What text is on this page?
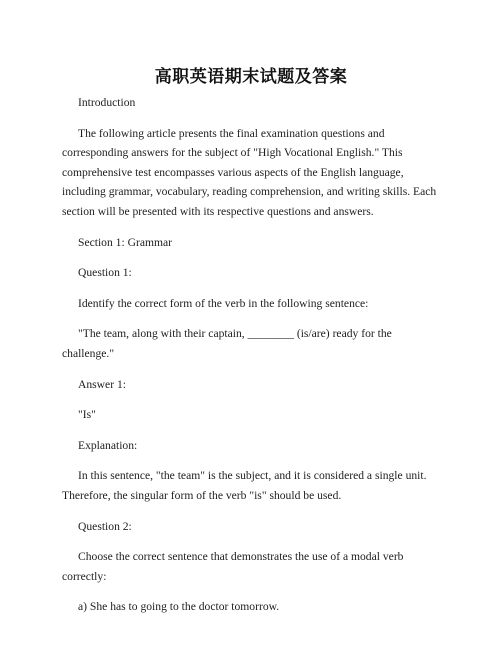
高职英语期末试题及答案

Introduction

The following article presents the final examination questions and corresponding answers for the subject of "High Vocational English." This comprehensive test encompasses various aspects of the English language, including grammar, vocabulary, reading comprehension, and writing skills. Each section will be presented with its respective questions and answers.

Section 1: Grammar

Question 1:

Identify the correct form of the verb in the following sentence:

"The team, along with their captain, ________ (is/are) ready for the challenge."

Answer 1:

"Is"

Explanation:

In this sentence, "the team" is the subject, and it is considered a single unit. Therefore, the singular form of the verb "is" should be used.

Question 2:

Choose the correct sentence that demonstrates the use of a modal verb correctly:

a) She has to going to the doctor tomorrow.
